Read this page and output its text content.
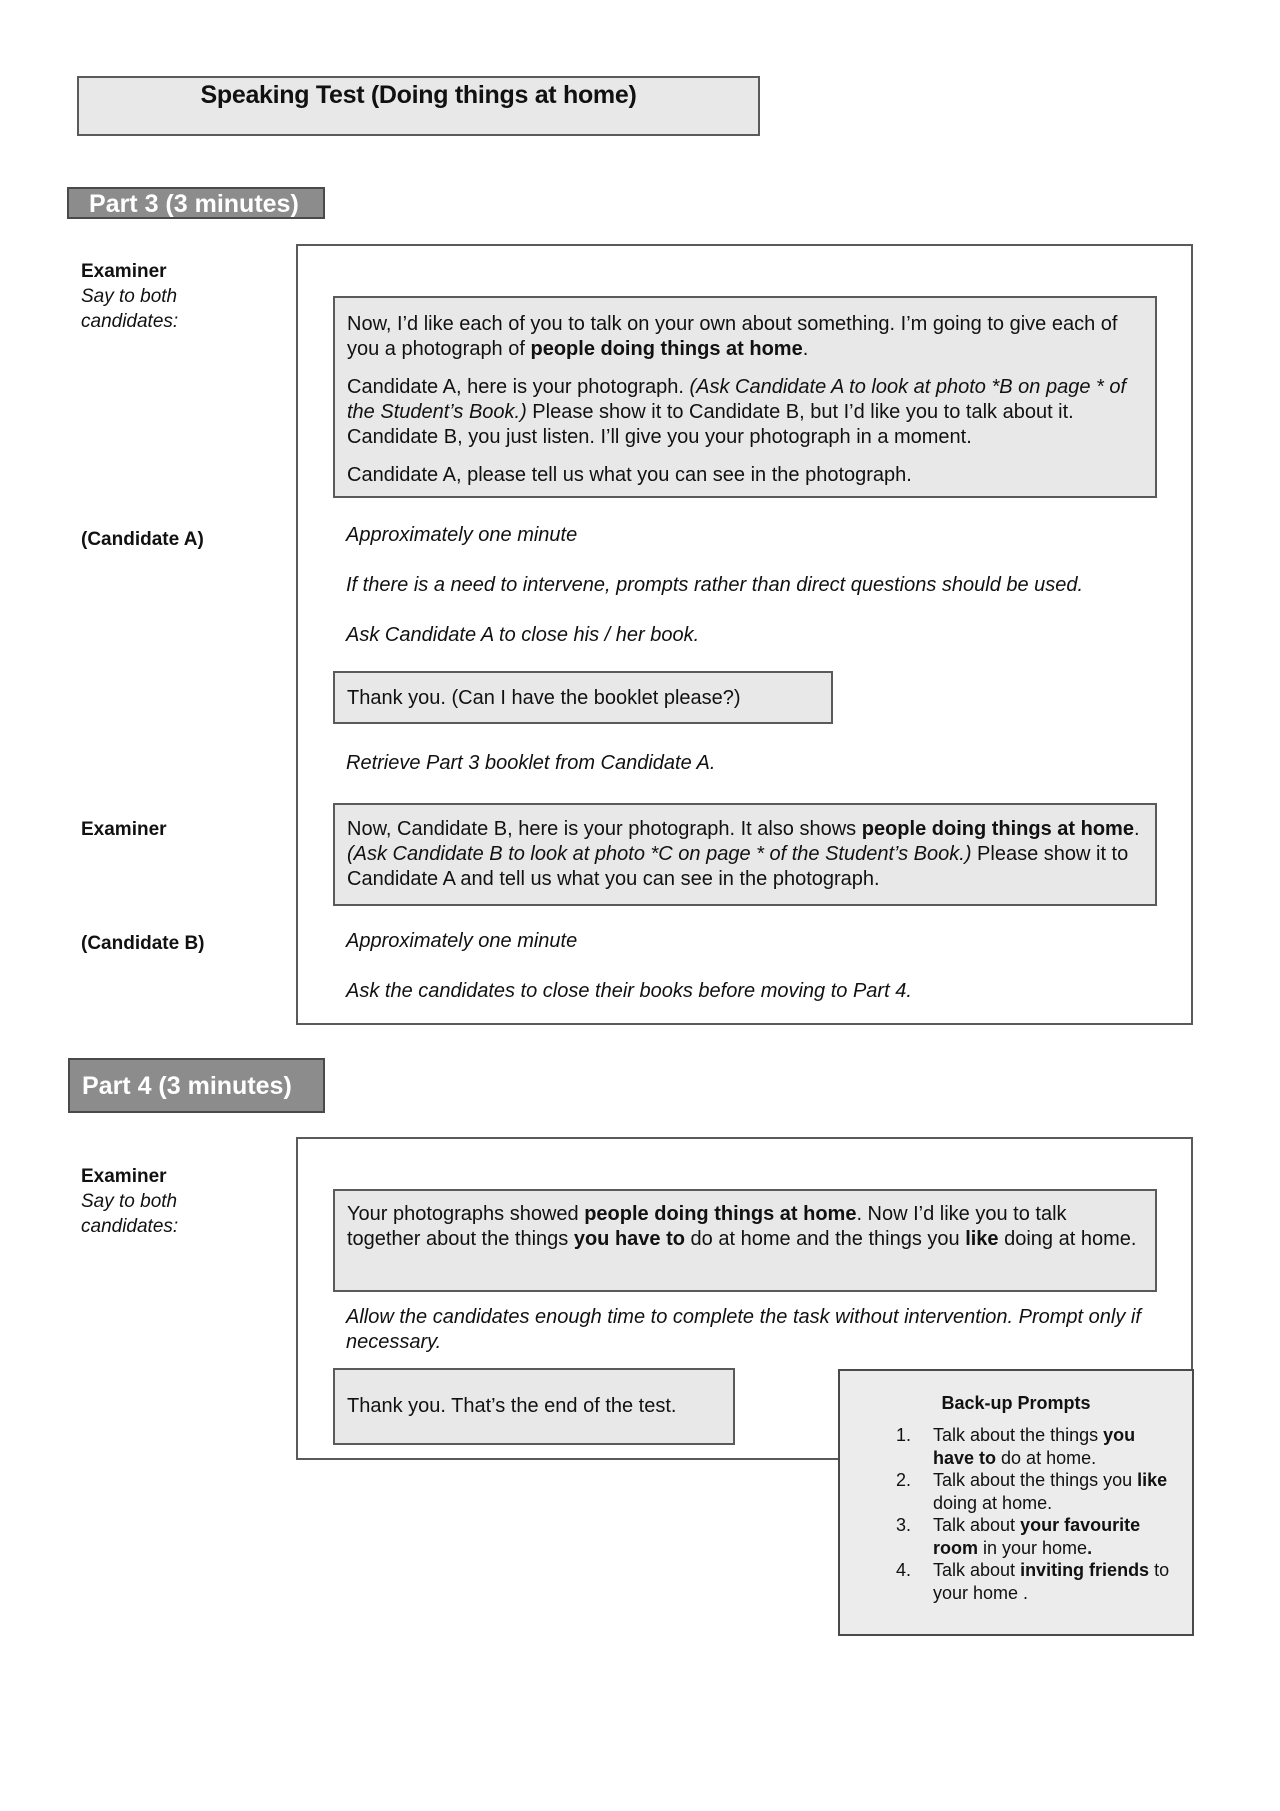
Speaking Test (Doing things at home)
Part 3 (3 minutes)
Examiner
Say to both candidates:	Now, I’d like each of you to talk on your own about something. I’m going to give each of you a photograph of people doing things at home.

Candidate A, here is your photograph. (Ask Candidate A to look at photo *B on page * of the Student’s Book.) Please show it to Candidate B, but I’d like you to talk about it. Candidate B, you just listen. I’ll give you your photograph in a moment.

Candidate A, please tell us what you can see in the photograph.

(Candidate A)	Approximately one minute
If there is a need to intervene, prompts rather than direct questions should be used.
Ask Candidate A to close his / her book.
Thank you. (Can I have the booklet please?)
Retrieve Part 3 booklet from Candidate A.
Examiner	Now, Candidate B, here is your photograph. It also shows people doing things at home. (Ask Candidate B to look at photo *C on page * of the Student’s Book.) Please show it to Candidate A and tell us what you can see in the photograph.

(Candidate B)	Approximately one minute
Ask the candidates to close their books before moving to Part 4.
Part 4 (3 minutes)
Examiner
Say to both candidates:

Your photographs showed people doing things at home. Now I’d like you to talk together about the things you have to do at home and the things you like doing at home.

Allow the candidates enough time to complete the task without intervention. Prompt only if necessary.
Thank you. That’s the end of the test.	Back-up Prompts
1. Talk about the things you have to do at home.
2. Talk about the things you like doing at home.
3. Talk about your favourite room in your home.
4. Talk about inviting friends to your home .
